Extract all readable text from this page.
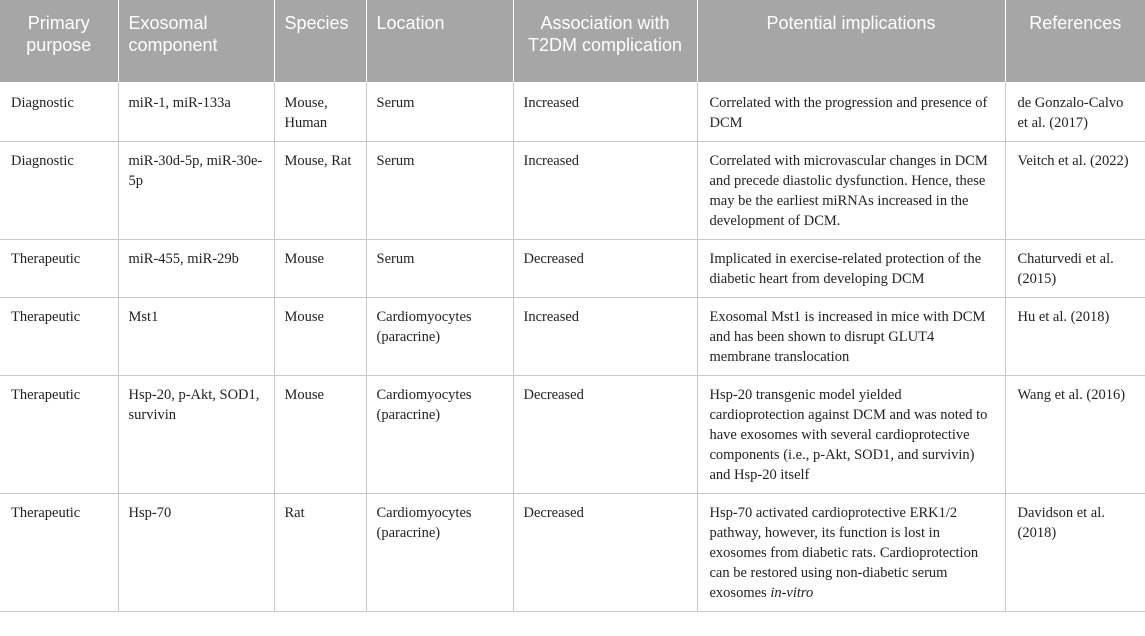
Primary purpose	Exosomal component	Species	Location	Association with T2DM complication	Potential implications	References
Diagnostic	miR-1, miR-133a	Mouse, Human	Serum	Increased	Correlated with the progression and presence of DCM	de Gonzalo-Calvo et al. (2017)
Diagnostic	miR-30d-5p, miR-30e-5p	Mouse, Rat	Serum	Increased	Correlated with microvascular changes in DCM and precede diastolic dysfunction. Hence, these may be the earliest miRNAs increased in the development of DCM.	Veitch et al. (2022)
Therapeutic	miR-455, miR-29b	Mouse	Serum	Decreased	Implicated in exercise-related protection of the diabetic heart from developing DCM	Chaturvedi et al. (2015)
Therapeutic	Mst1	Mouse	Cardiomyocytes (paracrine)	Increased	Exosomal Mst1 is increased in mice with DCM and has been shown to disrupt GLUT4 membrane translocation	Hu et al. (2018)
Therapeutic	Hsp-20, p-Akt, SOD1, survivin	Mouse	Cardiomyocytes (paracrine)	Decreased	Hsp-20 transgenic model yielded cardioprotection against DCM and was noted to have exosomes with several cardioprotective components (i.e., p-Akt, SOD1, and survivin) and Hsp-20 itself	Wang et al. (2016)
Therapeutic	Hsp-70	Rat	Cardiomyocytes (paracrine)	Decreased	Hsp-70 activated cardioprotective ERK1/2 pathway, however, its function is lost in exosomes from diabetic rats. Cardioprotection can be restored using non-diabetic serum exosomes in-vitro	Davidson et al. (2018)
